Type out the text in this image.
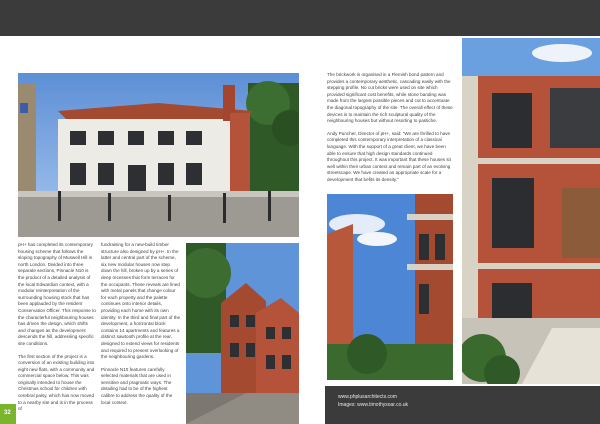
pH+ has completed its contemporary housing scheme that follows the sloping topography of Muswell Hill in north London. Divided into three separate sections, Pinnacle N10 is the product of a detailed analysis of the local Edwardian context, with a modular reinterpretation of the surrounding housing stock that has been applauded by the resident Conservation Officer. This response to the characterful neighbouring houses has driven the design, which shifts and changes as the development descends the hill, addressing specific site conditions.

The first section of the project is a conversion of an existing building into eight new flats, with a community and commercial space below. This was originally intended to house the Christmas school for children with cerebral palsy, which has now moved to a nearby site and is in the process of

fundraising for a new-build timber structure also designed by pH+. In the latter and central part of the scheme, six new modular houses now step down the hill, broken up by a series of deep recesses that form terraces for the occupants. These reveals are lined with metal panels that change colour for each property and the palette continues onto interior details, providing each home with its own identity. In the third and final part of the development, a horizontal block contains 14 apartments and features a distinct sawtooth profile at the rear, designed to extend views for residents and required to present overlooking of the neighbouring gardens.

Pinnacle N10 features carefully selected materials that are used in sensitive and pragmatic ways. The detailing had to be of the highest calibre to address the quality of the local context.

The brickwork is organised in a Flemish bond pattern and provides a contemporary aesthetic, cascading easily with the stepping profile. No cut bricks were used on site which provided significant cost benefits, while stone banding was made from the largest possible pieces and cut to accentuate the diagonal topography of the site. The overall effect of these devices is to maintain the rich sculptural quality of the neighbouring houses but without resorting to pastiche.

Andy Puncher, Director of pH+, said: “We are thrilled to have completed this contemporary interpretation of a classical language. With the support of a great client, we have been able to ensure that high design standards continued throughout this project. It was important that these houses sit well within their urban context and remain part of an evolving streetscape. We have created an appropriate scale for a development that befits its density.”

www.phplusarchitects.com
Images: www.timothysoar.co.uk
32
